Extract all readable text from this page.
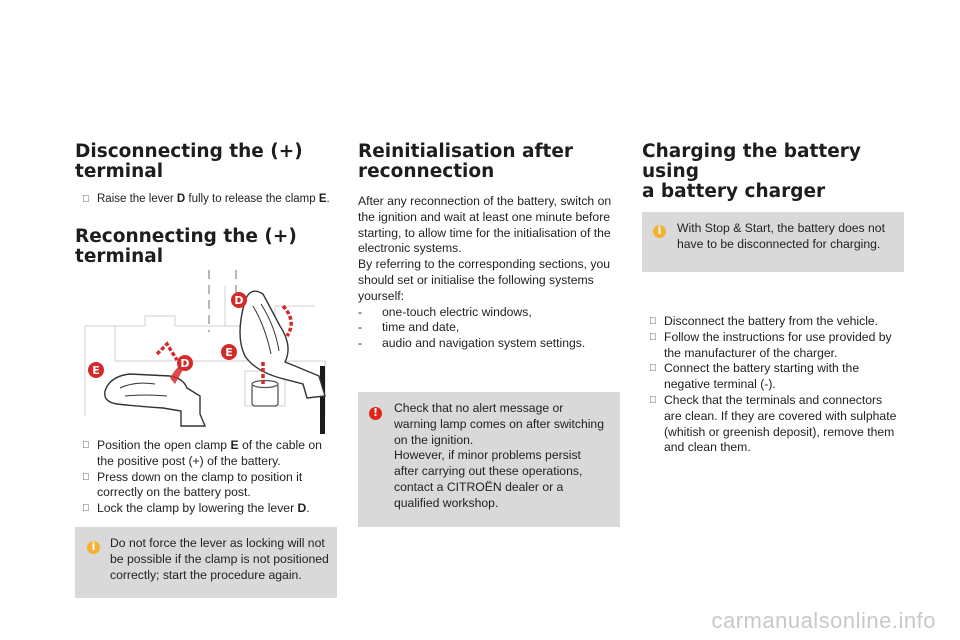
Disconnecting the (+)
terminal
Raise the lever D fully to release the clamp E.
Reconnecting the (+)
terminal
D
D
E
E
Position the open clamp E of the cable on
the positive post (+) of the battery.
Press down on the clamp to position it
correctly on the battery post.
Lock the clamp by lowering the lever D.
i
Do not force the lever as locking will not
be possible if the clamp is not positioned
correctly; start the procedure again.
Reinitialisation after
reconnection
After any reconnection of the battery, switch on
the ignition and wait at least one minute before
starting, to allow time for the initialisation of the
electronic systems.
By referring to the corresponding sections, you
should set or initialise the following systems
yourself:
- one-touch electric windows,
- time and date,
- audio and navigation system settings.
!
Check that no alert message or
warning lamp comes on after switching
on the ignition.
However, if minor problems persist
after carrying out these operations,
contact a CITROËN dealer or a
qualified workshop.
Charging the battery using
a battery charger
i
With Stop & Start, the battery does not
have to be disconnected for charging.
Disconnect the battery from the vehicle.
Follow the instructions for use provided by
the manufacturer of the charger.
Connect the battery starting with the
negative terminal (-).
Check that the terminals and connectors
are clean. If they are covered with sulphate
(whitish or greenish deposit), remove them
and clean them.
carmanualsonline.info
